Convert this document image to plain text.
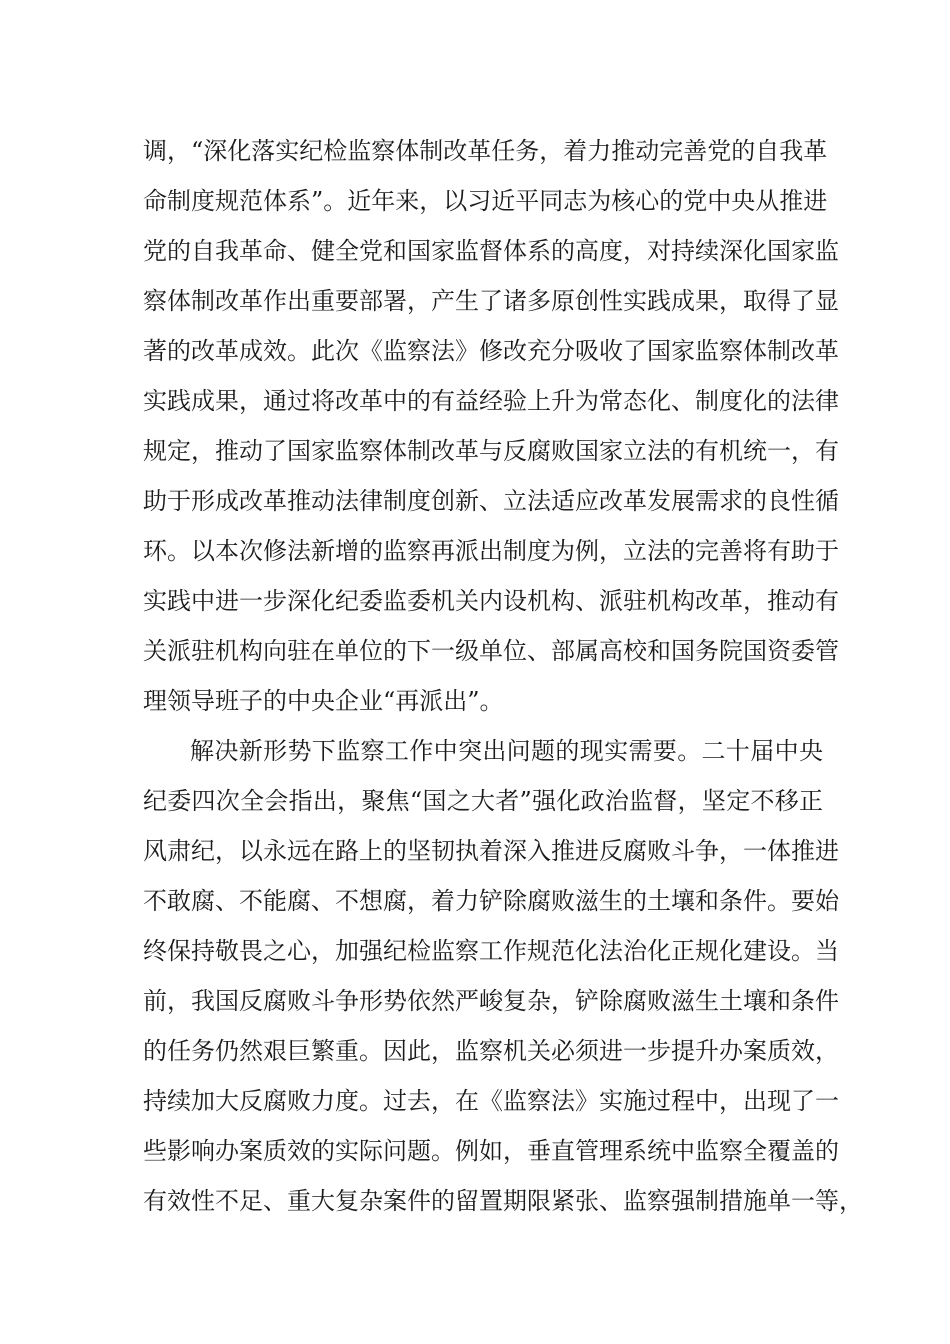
调，“深化落实纪检监察体制改革任务，着力推动完善党的自我革
命制度规范体系”。近年来，以习近平同志为核心的党中央从推进
党的自我革命、健全党和国家监督体系的高度，对持续深化国家监
察体制改革作出重要部署，产生了诸多原创性实践成果，取得了显
著的改革成效。此次《监察法》修改充分吸收了国家监察体制改革
实践成果，通过将改革中的有益经验上升为常态化、制度化的法律
规定，推动了国家监察体制改革与反腐败国家立法的有机统一，有
助于形成改革推动法律制度创新、立法适应改革发展需求的良性循
环。以本次修法新增的监察再派出制度为例，立法的完善将有助于
实践中进一步深化纪委监委机关内设机构、派驻机构改革，推动有
关派驻机构向驻在单位的下一级单位、部属高校和国务院国资委管
理领导班子的中央企业“再派出”。
解决新形势下监察工作中突出问题的现实需要。二十届中央
纪委四次全会指出，聚焦“国之大者”强化政治监督，坚定不移正
风肃纪，以永远在路上的坚韧执着深入推进反腐败斗争，一体推进
不敢腐、不能腐、不想腐，着力铲除腐败滋生的土壤和条件。要始
终保持敬畏之心，加强纪检监察工作规范化法治化正规化建设。当
前，我国反腐败斗争形势依然严峻复杂，铲除腐败滋生土壤和条件
的任务仍然艰巨繁重。因此，监察机关必须进一步提升办案质效，
持续加大反腐败力度。过去，在《监察法》实施过程中，出现了一
些影响办案质效的实际问题。例如，垂直管理系统中监察全覆盖的
有效性不足、重大复杂案件的留置期限紧张、监察强制措施单一等，
